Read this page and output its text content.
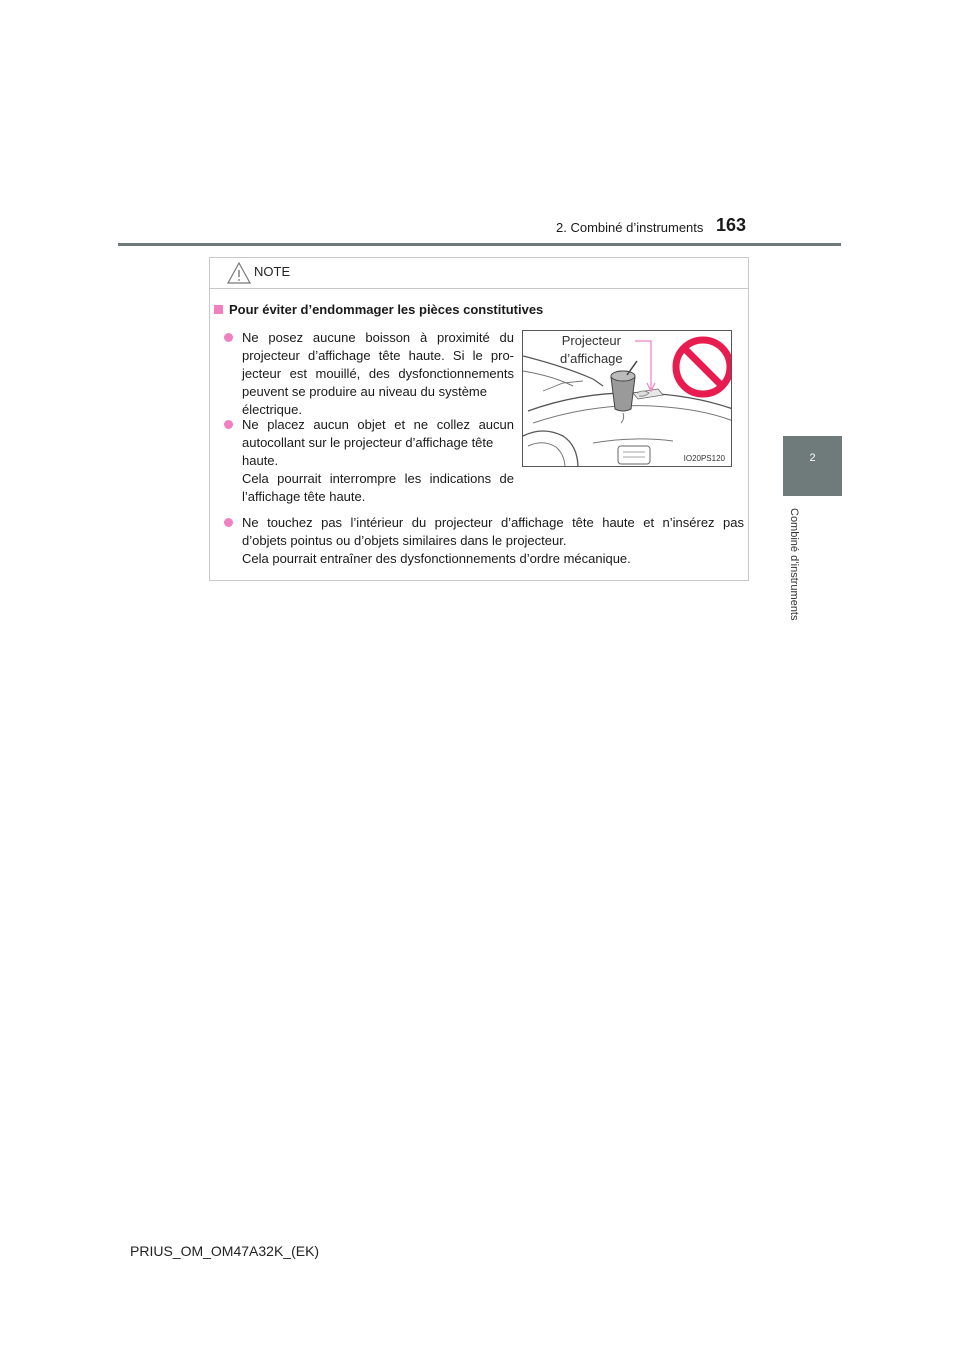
2. Combiné d’instruments 163
2
Combiné d’instruments
NOTE
Pour éviter d’endommager les pièces constitutives
Ne posez aucune boisson à proximité du projecteur d’affichage tête haute. Si le pro-jecteur est mouillé, des dysfonctionnements peuvent se produire au niveau du système
électrique.
Ne placez aucun objet et ne collez aucun autocollant sur le projecteur d’affichage tête
haute.
Cela pourrait interrompre les indications de
l’affichage tête haute.
Projecteur
d’affichage
IO20PS120
Ne touchez pas l’intérieur du projecteur d’affichage tête haute et n’insérez pas
d’objets pointus ou d’objets similaires dans le projecteur.
Cela pourrait entraîner des dysfonctionnements d’ordre mécanique.
PRIUS_OM_OM47A32K_(EK)
